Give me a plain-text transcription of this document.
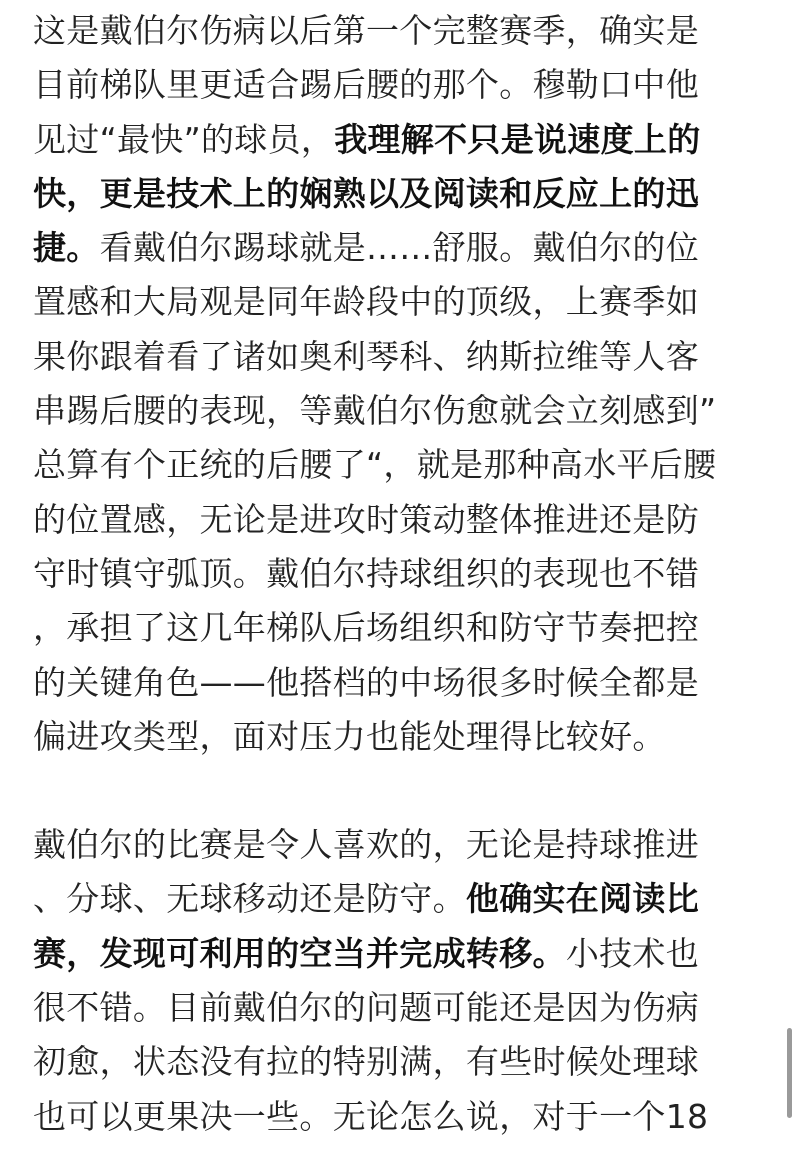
这是戴伯尔伤病以后第一个完整赛季，确实是
目前梯队里更适合踢后腰的那个。穆勒口中他
见过“最快”的球员，我理解不只是说速度上的
快，更是技术上的娴熟以及阅读和反应上的迅
捷。看戴伯尔踢球就是……舒服。戴伯尔的位
置感和大局观是同年龄段中的顶级，上赛季如
果你跟着看了诸如奥利琴科、纳斯拉维等人客
串踢后腰的表现，等戴伯尔伤愈就会立刻感到”
总算有个正统的后腰了“，就是那种高水平后腰
的位置感，无论是进攻时策动整体推进还是防
守时镇守弧顶。戴伯尔持球组织的表现也不错
，承担了这几年梯队后场组织和防守节奏把控
的关键角色——他搭档的中场很多时候全都是
偏进攻类型，面对压力也能处理得比较好。
戴伯尔的比赛是令人喜欢的，无论是持球推进
、分球、无球移动还是防守。他确实在阅读比
赛，发现可利用的空当并完成转移。小技术也
很不错。目前戴伯尔的问题可能还是因为伤病
初愈，状态没有拉的特别满，有些时候处理球
也可以更果决一些。无论怎么说，对于一个18
